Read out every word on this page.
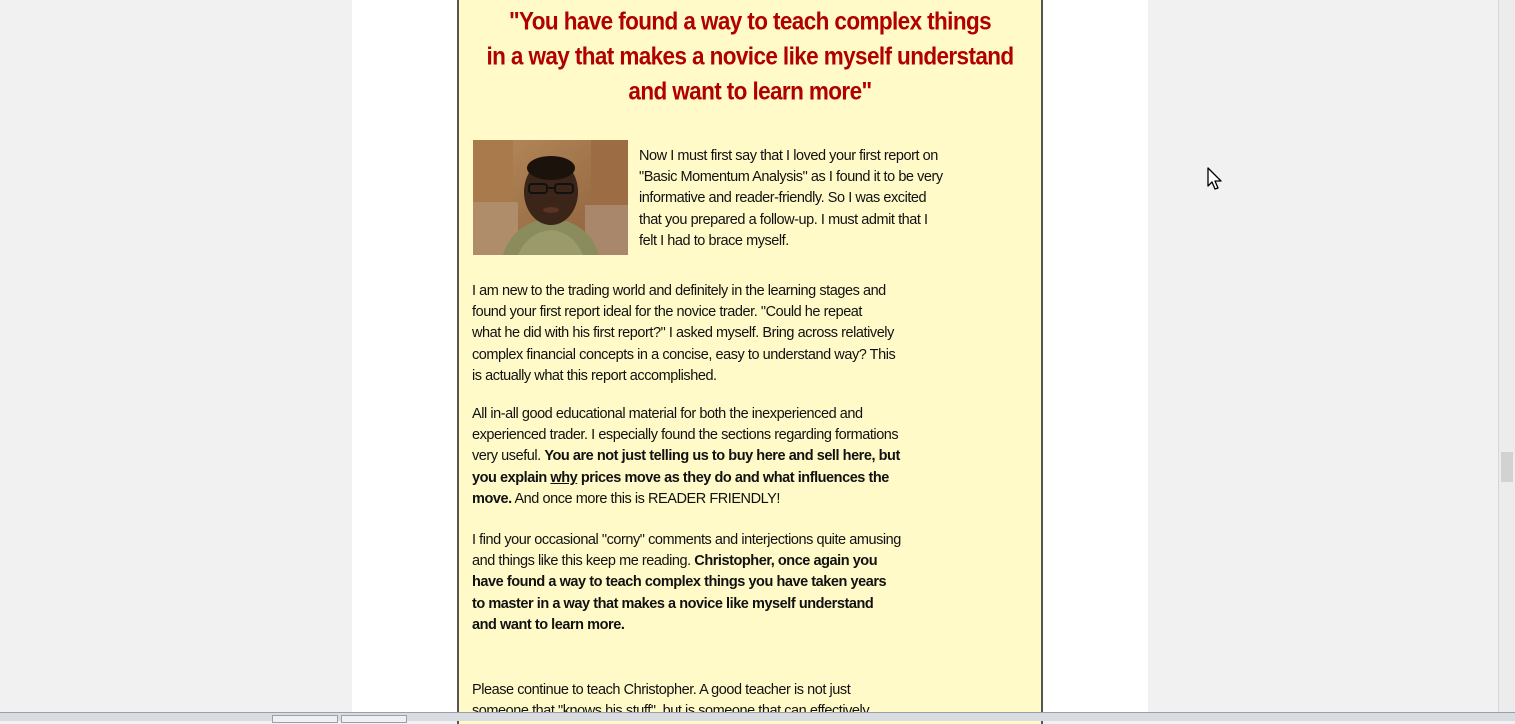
"You have found a way to teach complex things
in a way that makes a novice like myself understand
and want to learn more"
Now I must first say that I loved your first report on
"Basic Momentum Analysis" as I found it to be very
informative and reader-friendly. So I was excited
that you prepared a follow-up. I must admit that I
felt I had to brace myself.
I am new to the trading world and definitely in the learning stages and
found your first report ideal for the novice trader. "Could he repeat
what he did with his first report?" I asked myself. Bring across relatively
complex financial concepts in a concise, easy to understand way? This
is actually what this report accomplished.
All in-all good educational material for both the inexperienced and
experienced trader. I especially found the sections regarding formations
very useful. You are not just telling us to buy here and sell here, but
you explain why prices move as they do and what influences the
move. And once more this is READER FRIENDLY!
I find your occasional "corny" comments and interjections quite amusing
and things like this keep me reading. Christopher, once again you
have found a way to teach complex things you have taken years
to master in a way that makes a novice like myself understand
and want to learn more.
Please continue to teach Christopher. A good teacher is not just
